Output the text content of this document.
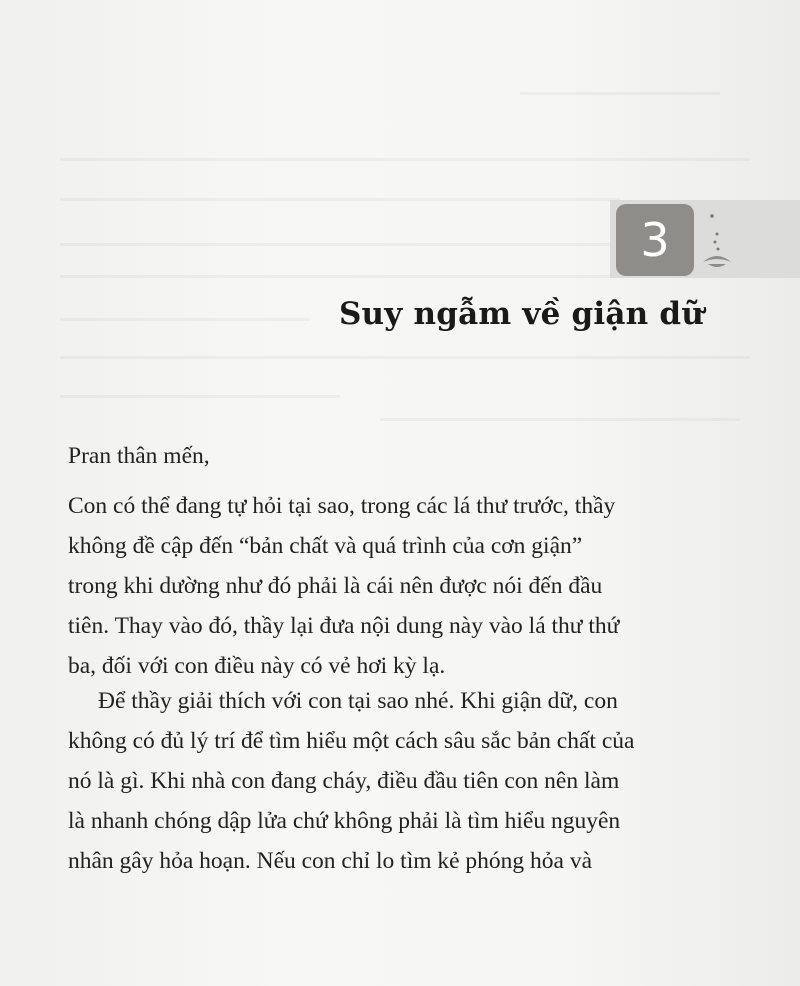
3
Suy ngẫm về giận dữ
Pran thân mến,
Con có thể đang tự hỏi tại sao, trong các lá thư trước, thầy
không đề cập đến “bản chất và quá trình của cơn giận”
trong khi dường như đó phải là cái nên được nói đến đầu
tiên. Thay vào đó, thầy lại đưa nội dung này vào lá thư thứ
ba, đối với con điều này có vẻ hơi kỳ lạ.
Để thầy giải thích với con tại sao nhé. Khi giận dữ, con
không có đủ lý trí để tìm hiểu một cách sâu sắc bản chất của
nó là gì. Khi nhà con đang cháy, điều đầu tiên con nên làm
là nhanh chóng dập lửa chứ không phải là tìm hiểu nguyên
nhân gây hỏa hoạn. Nếu con chỉ lo tìm kẻ phóng hỏa và
